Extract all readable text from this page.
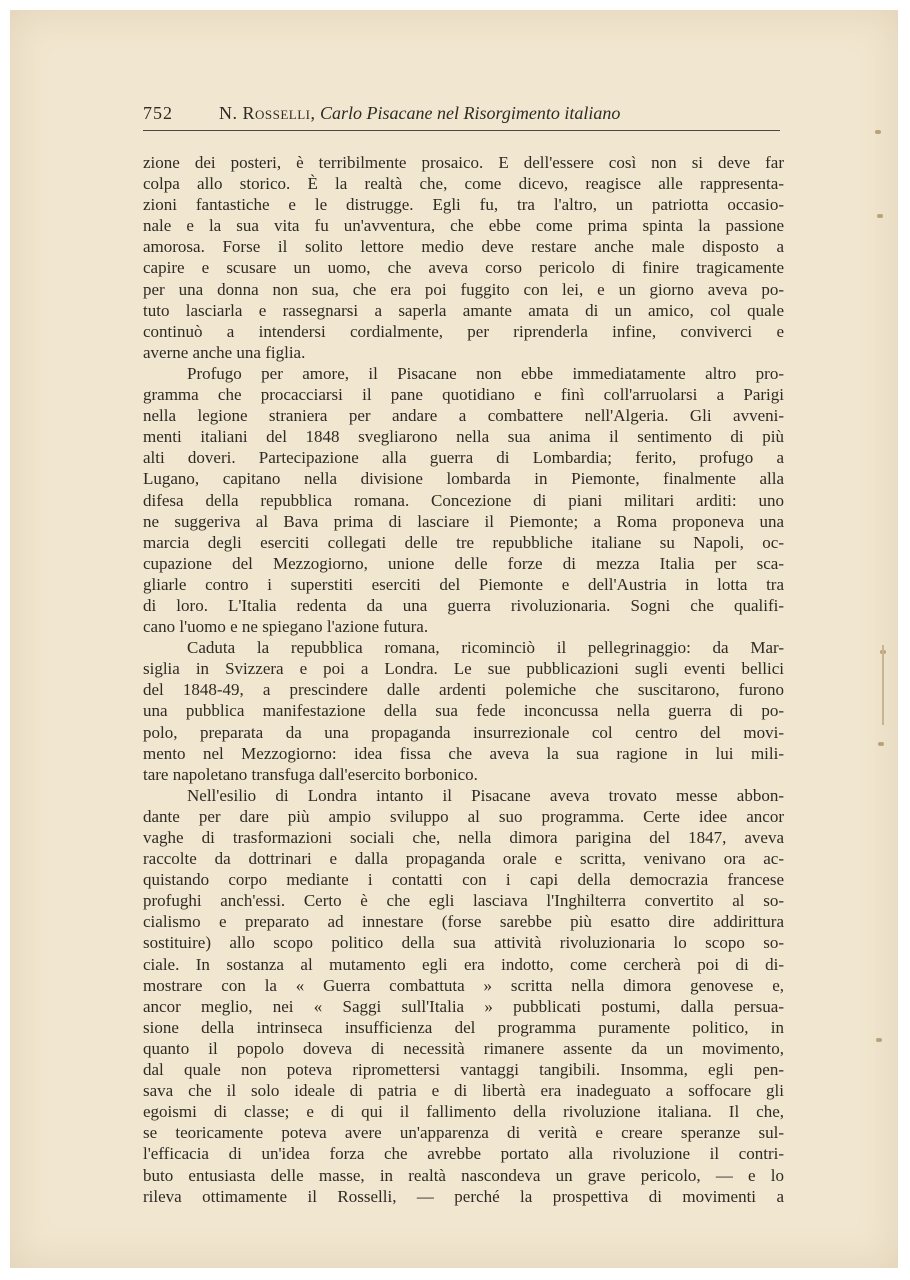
752	N. Rosselli, Carlo Pisacane nel Risorgimento italiano
zione dei posteri, è terribilmente prosaico. E dell'essere così non si deve far
colpa allo storico. È la realtà che, come dicevo, reagisce alle rappresenta-
zioni fantastiche e le distrugge. Egli fu, tra l'altro, un patriotta occasio-
nale e la sua vita fu un'avventura, che ebbe come prima spinta la passione
amorosa. Forse il solito lettore medio deve restare anche male disposto a
capire e scusare un uomo, che aveva corso pericolo di finire tragicamente
per una donna non sua, che era poi fuggito con lei, e un giorno aveva po-
tuto lasciarla e rassegnarsi a saperla amante amata di un amico, col quale
continuò a intendersi cordialmente, per riprenderla infine, conviverci e
averne anche una figlia.
Profugo per amore, il Pisacane non ebbe immediatamente altro pro-
gramma che procacciarsi il pane quotidiano e finì coll'arruolarsi a Parigi
nella legione straniera per andare a combattere nell'Algeria. Gli avveni-
menti italiani del 1848 svegliarono nella sua anima il sentimento di più
alti doveri. Partecipazione alla guerra di Lombardia; ferito, profugo a
Lugano, capitano nella divisione lombarda in Piemonte, finalmente alla
difesa della repubblica romana. Concezione di piani militari arditi: uno
ne suggeriva al Bava prima di lasciare il Piemonte; a Roma proponeva una
marcia degli eserciti collegati delle tre repubbliche italiane su Napoli, oc-
cupazione del Mezzogiorno, unione delle forze di mezza Italia per sca-
gliarle contro i superstiti eserciti del Piemonte e dell'Austria in lotta tra
di loro. L'Italia redenta da una guerra rivoluzionaria. Sogni che qualifi-
cano l'uomo e ne spiegano l'azione futura.
Caduta la repubblica romana, ricominciò il pellegrinaggio: da Mar-
siglia in Svizzera e poi a Londra. Le sue pubblicazioni sugli eventi bellici
del 1848-49, a prescindere dalle ardenti polemiche che suscitarono, furono
una pubblica manifestazione della sua fede inconcussa nella guerra di po-
polo, preparata da una propaganda insurrezionale col centro del movi-
mento nel Mezzogiorno: idea fissa che aveva la sua ragione in lui mili-
tare napoletano transfuga dall'esercito borbonico.
Nell'esilio di Londra intanto il Pisacane aveva trovato messe abbon-
dante per dare più ampio sviluppo al suo programma. Certe idee ancor
vaghe di trasformazioni sociali che, nella dimora parigina del 1847, aveva
raccolte da dottrinari e dalla propaganda orale e scritta, venivano ora ac-
quistando corpo mediante i contatti con i capi della democrazia francese
profughi anch'essi. Certo è che egli lasciava l'Inghilterra convertito al so-
cialismo e preparato ad innestare (forse sarebbe più esatto dire addirittura
sostituire) allo scopo politico della sua attività rivoluzionaria lo scopo so-
ciale. In sostanza al mutamento egli era indotto, come cercherà poi di di-
mostrare con la « Guerra combattuta » scritta nella dimora genovese e,
ancor meglio, nei « Saggi sull'Italia » pubblicati postumi, dalla persua-
sione della intrinseca insufficienza del programma puramente politico, in
quanto il popolo doveva di necessità rimanere assente da un movimento,
dal quale non poteva ripromettersi vantaggi tangibili. Insomma, egli pen-
sava che il solo ideale di patria e di libertà era inadeguato a soffocare gli
egoismi di classe; e di qui il fallimento della rivoluzione italiana. Il che,
se teoricamente poteva avere un'apparenza di verità e creare speranze sul-
l'efficacia di un'idea forza che avrebbe portato alla rivoluzione il contri-
buto entusiasta delle masse, in realtà nascondeva un grave pericolo, — e lo
rileva ottimamente il Rosselli, — perché la prospettiva di movimenti a
